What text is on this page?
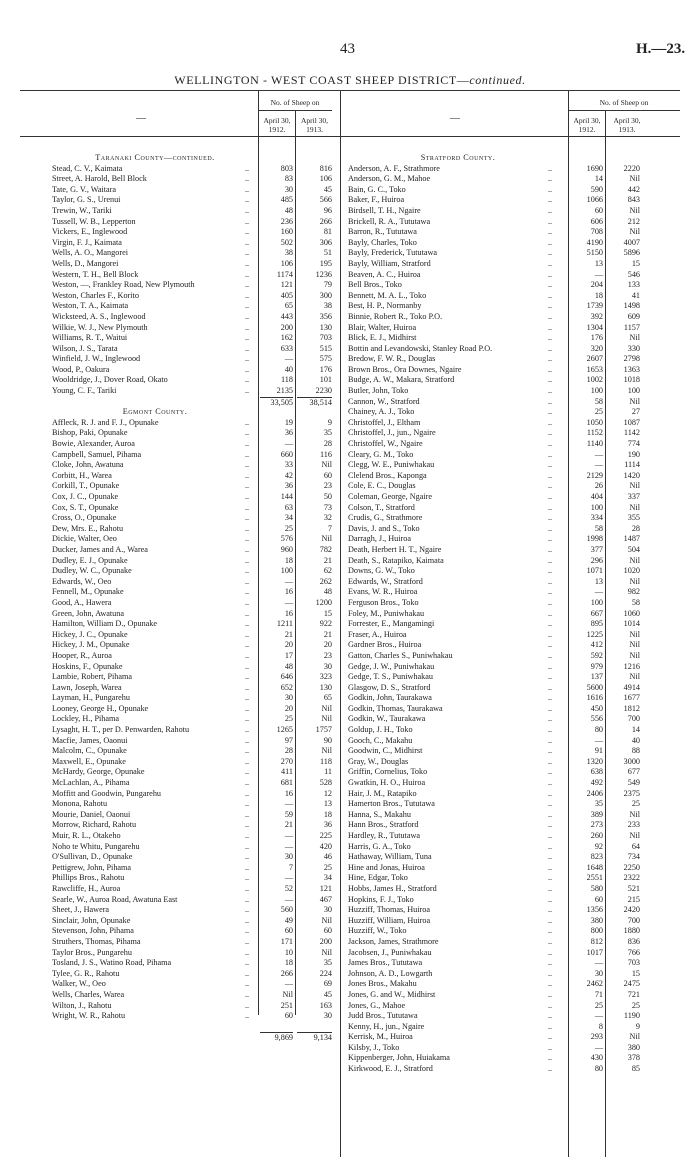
43	H.—23.
WELLINGTON - WEST COAST SHEEP DISTRICT—continued.
No. of Sheep on
April 30, 1912.
April 30, 1913.
No. of Sheep on
April 30, 1912.
April 30, 1913.
—	—
Taranaki County—continued.
Stead, C. V., Kaimata	..	803	816
Street, A. Harold, Bell Block	..	83	106
Tate, G. V., Waitara	..	30	45
Taylor, G. S., Urenui	..	485	566
Trewin, W., Tariki	..	48	96
Tussell, W. B., Lepperton	..	236	266
Vickers, E., Inglewood	..	160	81
Virgin, F. J., Kaimata	..	502	306
Wells, A. O., Mangorei	..	38	51
Wells, D., Mangorei	..	106	195
Western, T. H., Bell Block	..	1174	1236
Weston, —, Frankley Road, New Plymouth	..	121	79
Weston, Charles F., Korito	..	405	300
Weston, T. A., Kaimata	..	65	38
Wicksteed, A. S., Inglewood	..	443	356
Wilkie, W. J., New Plymouth	..	200	130
Williams, R. T., Waitui	..	162	703
Wilson, J. S., Tarata	..	633	515
Winfield, J. W., Inglewood	..	—	575
Wood, P., Oakura	..	40	176
Wooldridge, J., Dover Road, Okato	..	118	101
Young, C. F., Tariki	..	2135	2230
33,505	38,514
Egmont County.
Affleck, R. J. and F. J., Opunake	..	19	9
Bishop, Paki, Opunake	..	36	35
Bowie, Alexander, Auroa	..	—	28
Campbell, Samuel, Pihama	..	660	116
Cloke, John, Awatuna	..	33	Nil
Corbitt, H., Warea	..	42	60
Corkill, T., Opunake	..	36	23
Cox, J. C., Opunake	..	144	50
Cox, S. T., Opunake	..	63	73
Cross, O., Opunake	..	34	32
Dew, Mrs. E., Rahotu	..	25	7
Dickie, Walter, Oeo	..	576	Nil
Ducker, James and A., Warea	..	960	782
Dudley, E. J., Opunake	..	18	21
Dudley, W. C., Opunake	..	100	62
Edwards, W., Oeo	..	—	262
Fennell, M., Opunake	..	16	48
Good, A., Hawera	..	—	1200
Green, John, Awatuna	..	16	15
Hamilton, William D., Opunake	..	1211	922
Hickey, J. C., Opunake	..	21	21
Hickey, J. M., Opunake	..	20	20
Hooper, R., Auroa	..	17	23
Hoskins, F., Opunake	..	48	30
Lambie, Robert, Pihama	..	646	323
Lawn, Joseph, Warea	..	652	130
Layman, H., Pungarehu	..	30	65
Looney, George H., Opunake	..	20	Nil
Lockley, H., Pihama	..	25	Nil
Lysaght, H. T., per D. Penwarden, Rahotu	..	1265	1757
Macfie, James, Oaonui	..	97	90
Malcolm, C., Opunake	..	28	Nil
Maxwell, E., Opunake	..	270	118
McHardy, George, Opunake	..	411	11
McLachlan, A., Pihama	..	681	528
Moffitt and Goodwin, Pungarehu	..	16	12
Monona, Rahotu	..	—	13
Mourie, Daniel, Oaonui	..	59	18
Morrow, Richard, Rahotu	..	21	36
Muir, R. L., Otakeho	..	—	225
Noho te Whitu, Pungarehu	..	—	420
O'Sullivan, D., Opunake	..	30	46
Pettigrew, John, Pihama	..	7	25
Phillips Bros., Rahotu	..	—	34
Rawcliffe, H., Auroa	..	52	121
Searle, W., Auroa Road, Awatuna East	..	—	467
Sheet, J., Hawera	..	560	30
Sinclair, John, Opunake	..	49	Nil
Stevenson, John, Pihama	..	60	60
Struthers, Thomas, Pihama	..	171	200
Taylor Bros., Pungarehu	..	10	Nil
Tosland, J. S., Watino Road, Pihama	..	18	35
Tylee, G. R., Rahotu	..	266	224
Walker, W., Oeo	..	—	69
Wells, Charles, Warea	..	Nil	45
Wilton, J., Rahotu	..	251	163
Wright, W. R., Rahotu	..	60	30
9,869	9,134
Stratford County.
Anderson, A. F., Strathmore	..	1690	2220
Anderson, G. M., Mahoe	..	14	Nil
Bain, G. C., Toko	..	590	442
Baker, F., Huiroa	..	1066	843
Birdsell, T. H., Ngaire	..	60	Nil
Brickell, R. A., Tututawa	..	606	212
Barron, R., Tututawa	..	708	Nil
Bayly, Charles, Toko	..	4190	4007
Bayly, Frederick, Tututawa	..	5150	5896
Bayly, William, Stratford	..	13	15
Beaven, A. C., Huiroa	..	—	546
Bell Bros., Toko	..	204	133
Bennett, M. A. L., Toko	..	18	41
Best, H. P., Normanby	..	1739	1498
Binnie, Robert R., Toko P.O.	..	392	609
Blair, Walter, Huiroa	..	1304	1157
Blick, E. J., Midhirst	..	176	Nil
Bottin and Levandowski, Stanley Road P.O.	..	320	330
Bredow, F. W. R., Douglas	..	2607	2798
Brown Bros., Ora Downes, Ngaire	..	1653	1363
Budge, A. W., Makara, Stratford	..	1002	1018
Butler, John, Toko	..	100	100
Cannon, W., Stratford	..	58	Nil
Chainey, A. J., Toko	..	25	27
Christoffel, J., Eltham	..	1050	1087
Christoffel, J., jun., Ngaire	..	1152	1142
Christoffel, W., Ngaire	..	1140	774
Cleary, G. M., Toko	..	—	190
Clegg, W. E., Puniwhakau	..	—	1114
Clelend Bros., Kaponga	..	2129	1420
Cole, E. C., Douglas	..	26	Nil
Coleman, George, Ngaire	..	404	337
Colson, T., Stratford	..	100	Nil
Crudis, G., Strathmore	..	334	355
Davis, J. and S., Toko	..	58	28
Darragh, J., Huiroa	..	1998	1487
Death, Herbert H. T., Ngaire	..	377	504
Death, S., Ratapiko, Kaimata	..	296	Nil
Downs, G. W., Toko	..	1071	1020
Edwards, W., Stratford	..	13	Nil
Evans, W. R., Huiroa	..	—	982
Ferguson Bros., Toko	..	100	58
Foley, M., Puniwhakau	..	667	1060
Forrester, E., Mangamingi	..	895	1014
Fraser, A., Huiroa	..	1225	Nil
Gardner Bros., Huiroa	..	412	Nil
Gatton, Charles S., Puniwhakau	..	592	Nil
Gedge, J. W., Puniwhakau	..	979	1216
Gedge, T. S., Puniwhakau	..	137	Nil
Glasgow, D. S., Stratford	..	5600	4914
Godkin, John, Taurakawa	..	1616	1677
Godkin, Thomas, Taurakawa	..	450	1812
Godkin, W., Taurakawa	..	556	700
Goldup, J. H., Toko	..	80	14
Gooch, C., Makahu	..	—	40
Goodwin, C., Midhirst	..	91	88
Gray, W., Douglas	..	1320	3000
Griffin, Cornelius, Toko	..	638	677
Gwatkin, H. O., Huiroa	..	492	549
Hair, J. M., Ratapiko	..	2406	2375
Hamerton Bros., Tututawa	..	35	25
Hanna, S., Makahu	..	389	Nil
Hann Bros., Stratford	..	273	233
Hardley, R., Tututawa	..	260	Nil
Harris, G. A., Toko	..	92	64
Hathaway, William, Tuna	..	823	734
Hine and Jonas, Huiroa	..	1648	2250
Hine, Edgar, Toko	..	2551	2322
Hobbs, James H., Stratford	..	580	521
Hopkins, F. J., Toko	..	60	215
Huzziff, Thomas, Huiroa	..	1356	2420
Huzziff, William, Huiroa	..	380	700
Huzziff, W., Toko	..	800	1880
Jackson, James, Strathmore	..	812	836
Jacobsen, J., Puniwhakau	..	1017	766
James Bros., Tututawa	..	—	703
Johnson, A. D., Lowgarth	..	30	15
Jones Bros., Makahu	..	2462	2475
Jones, G. and W., Midhirst	..	71	721
Jones, G., Mahoe	..	25	25
Judd Bros., Tututawa	..	—	1190
Kenny, H., jun., Ngaire	..	8	9
Kerrisk, M., Huiroa	..	293	Nil
Kilsby, J., Toko	..	—	380
Kippenberger, John, Huiakama	..	430	378
Kirkwood, E. J., Stratford	..	80	85
